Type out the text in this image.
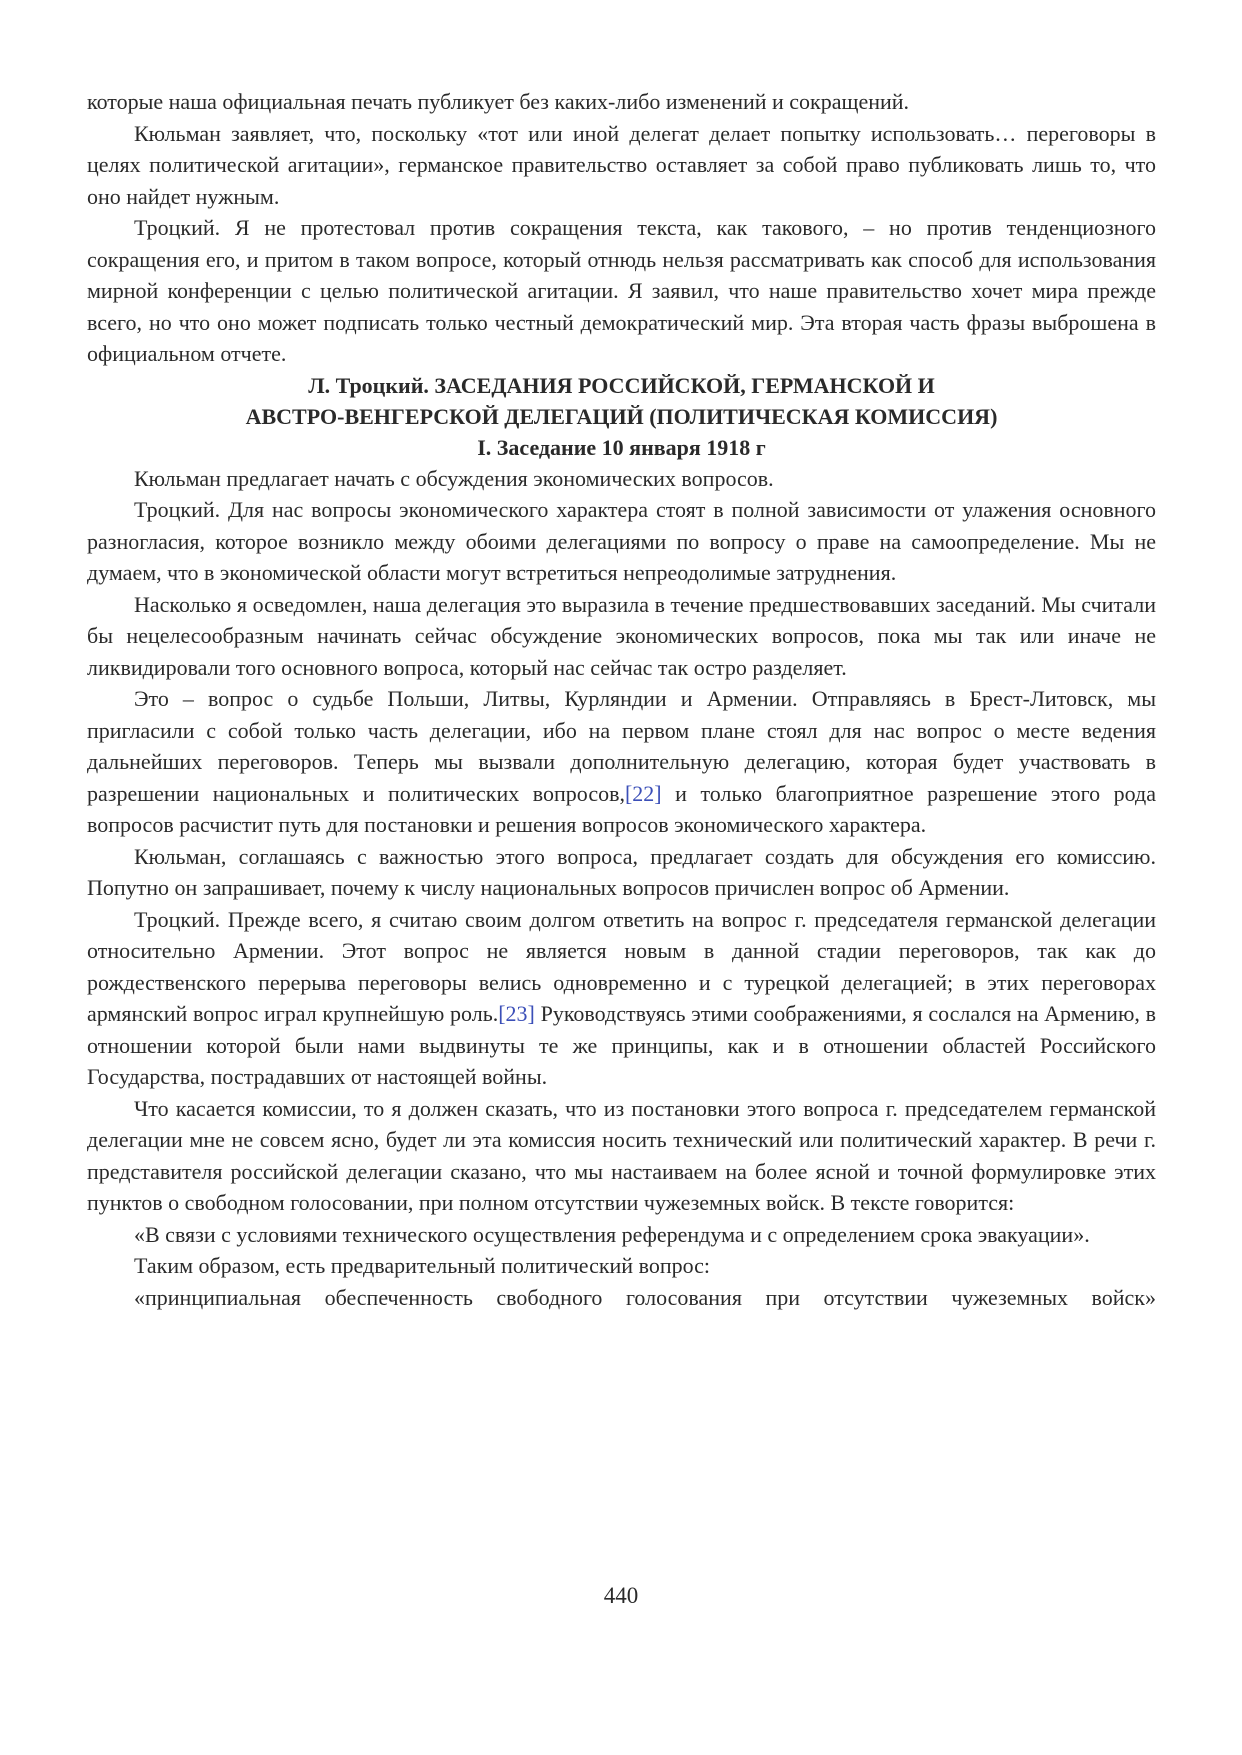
которые наша официальная печать публикует без каких-либо изменений и сокращений.

Кюльман заявляет, что, поскольку «тот или иной делегат делает попытку использовать… переговоры в целях политической агитации», германское правительство оставляет за собой право публиковать лишь то, что оно найдет нужным.

Троцкий. Я не протестовал против сокращения текста, как такового, – но против тенденциозного сокращения его, и притом в таком вопросе, который отнюдь нельзя рассматривать как способ для использования мирной конференции с целью политической агитации. Я заявил, что наше правительство хочет мира прежде всего, но что оно может подписать только честный демократический мир. Эта вторая часть фразы выброшена в официальном отчете.

Л. Троцкий. ЗАСЕДАНИЯ РОССИЙСКОЙ, ГЕРМАНСКОЙ И
АВСТРО-ВЕНГЕРСКОЙ ДЕЛЕГАЦИЙ (ПОЛИТИЧЕСКАЯ КОМИССИЯ)
I. Заседание 10 января 1918 г

Кюльман предлагает начать с обсуждения экономических вопросов.

Троцкий. Для нас вопросы экономического характера стоят в полной зависимости от улажения основного разногласия, которое возникло между обоими делегациями по вопросу о праве на самоопределение. Мы не думаем, что в экономической области могут встретиться непреодолимые затруднения.

Насколько я осведомлен, наша делегация это выразила в течение предшествовавших заседаний. Мы считали бы нецелесообразным начинать сейчас обсуждение экономических вопросов, пока мы так или иначе не ликвидировали того основного вопроса, который нас сейчас так остро разделяет.

Это – вопрос о судьбе Польши, Литвы, Курляндии и Армении. Отправляясь в Брест-Литовск, мы пригласили с собой только часть делегации, ибо на первом плане стоял для нас вопрос о месте ведения дальнейших переговоров. Теперь мы вызвали дополнительную делегацию, которая будет участвовать в разрешении национальных и политических вопросов,[22] и только благоприятное разрешение этого рода вопросов расчистит путь для постановки и решения вопросов экономического характера.

Кюльман, соглашаясь с важностью этого вопроса, предлагает создать для обсуждения его комиссию. Попутно он запрашивает, почему к числу национальных вопросов причислен вопрос об Армении.

Троцкий. Прежде всего, я считаю своим долгом ответить на вопрос г. председателя германской делегации относительно Армении. Этот вопрос не является новым в данной стадии переговоров, так как до рождественского перерыва переговоры велись одновременно и с турецкой делегацией; в этих переговорах армянский вопрос играл крупнейшую роль.[23] Руководствуясь этими соображениями, я сослался на Армению, в отношении которой были нами выдвинуты те же принципы, как и в отношении областей Российского Государства, пострадавших от настоящей войны.

Что касается комиссии, то я должен сказать, что из постановки этого вопроса г. председателем германской делегации мне не совсем ясно, будет ли эта комиссия носить технический или политический характер. В речи г. представителя российской делегации сказано, что мы настаиваем на более ясной и точной формулировке этих пунктов о свободном голосовании, при полном отсутствии чужеземных войск. В тексте говорится:

«В связи с условиями технического осуществления референдума и с определением срока эвакуации».

Таким образом, есть предварительный политический вопрос:

«принципиальная обеспеченность свободного голосования при отсутствии чужеземных войск»

440
